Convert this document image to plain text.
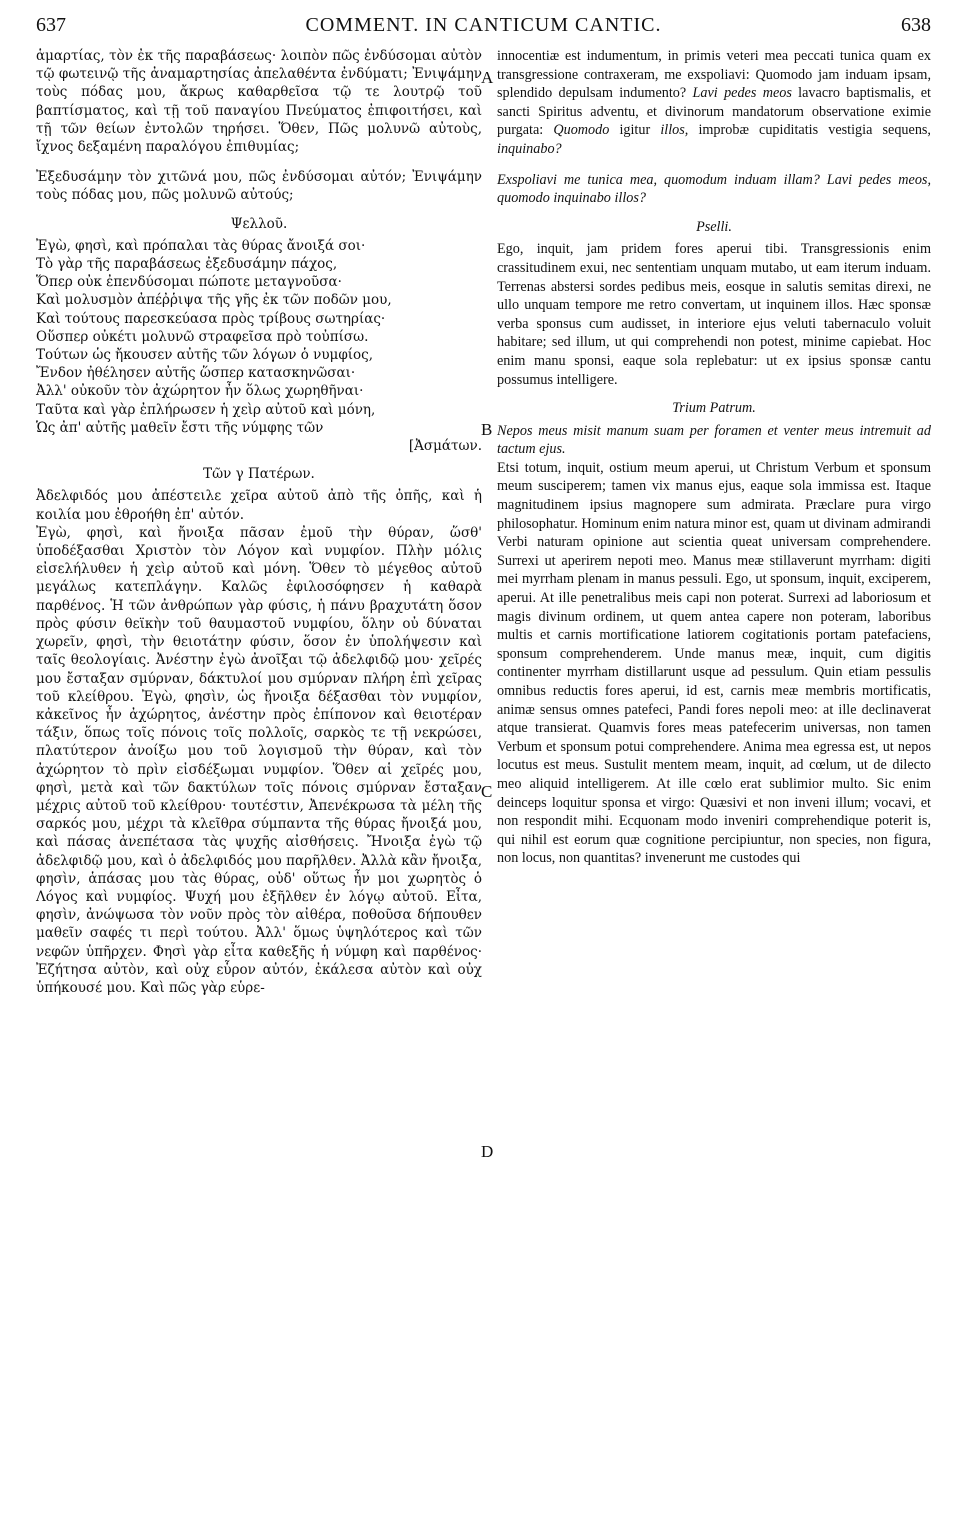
637	COMMENT. IN CANTICUM CANTIC.	638

ἁμαρτίας, τὸν ἐκ τῆς παραβάσεως· λοιπὸν πῶς ἐνδύσομαι αὐτὸν τῷ φωτεινῷ τῆς ἀναμαρτησίας ἀπελαθέντα ἐνδύματι; Ἐνιψάμην τοὺς πόδας μου, ἄκρως καθαρθεῖσα τῷ τε λουτρῷ τοῦ βαπτίσματος, καὶ τῇ τοῦ παναγίου Πνεύματος ἐπιφοιτήσει, καὶ τῇ τῶν θείων ἐντολῶν τηρήσει. Ὅθεν, Πῶς μολυνῶ αὐτοὺς, ἴχνος δεξαμένη παραλόγου ἐπιθυμίας;

Ἐξεδυσάμην τὸν χιτῶνά μου, πῶς ἐνδύσομαι αὐτόν; Ἐνιψάμην τοὺς πόδας μου, πῶς μολυνῶ αὐτούς;

Ψελλοῦ.

Ἐγὼ, φησὶ, καὶ πρόπαλαι τὰς θύρας ἄνοιξά σοι·

Τὸ γὰρ τῆς παραβάσεως ἐξεδυσάμην πάχος,

Ὅπερ οὐκ ἐπενδύσομαι πώποτε μεταγνοῦσα·

Καὶ μολυσμὸν ἀπέῤῥιψα τῆς γῆς ἐκ τῶν ποδῶν μου,

Καὶ τούτους παρεσκεύασα πρὸς τρίβους σωτηρίας·

Οὕσπερ οὐκέτι μολυνῶ στραφεῖσα πρὸ τοὐπίσω.

Τούτων ὡς ἤκουσεν αὐτῆς τῶν λόγων ὁ νυμφίος,

Ἔνδον ἠθέλησεν αὐτῆς ὥσπερ κατασκηνῶσαι·

Ἀλλ' οὐκοῦν τὸν ἀχώρητον ἦν ὅλως χωρηθῆναι·

Ταῦτα καὶ γὰρ ἐπλήρωσεν ἡ χεὶρ αὐτοῦ καὶ μόνη,

Ὡς ἀπ' αὐτῆς μαθεῖν ἔστι τῆς νύμφης τῶν

[Ἀσμάτων.

Τῶν γ Πατέρων.

Ἀδελφιδός μου ἀπέστειλε χεῖρα αὐτοῦ ἀπὸ τῆς ὀπῆς, καὶ ἡ κοιλία μου ἐθροήθη ἐπ' αὐτόν.

Ἐγὼ, φησὶ, καὶ ἤνοιξα πᾶσαν ἐμοῦ τὴν θύραν, ὥσθ' ὑποδέξασθαι Χριστὸν τὸν Λόγον καὶ νυμφίον. Πλὴν μόλις εἰσελήλυθεν ἡ χεὶρ αὐτοῦ καὶ μόνη. Ὅθεν τὸ μέγεθος αὐτοῦ μεγάλως κατεπλάγην. Καλῶς ἐφιλοσόφησεν ἡ καθαρὰ παρθένος. Ἡ τῶν ἀνθρώπων γὰρ φύσις, ἡ πάνυ βραχυτάτη ὅσον πρὸς φύσιν θεϊκὴν τοῦ θαυμαστοῦ νυμφίου, ὅλην οὐ δύναται χωρεῖν, φησὶ, τὴν θειοτάτην φύσιν, ὅσον ἐν ὑπολήψεσιν καὶ ταῖς θεολογίαις. Ἀνέστην ἐγὼ ἀνοῖξαι τῷ ἀδελφιδῷ μου· χεῖρές μου ἔσταξαν σμύρναν, δάκτυλοί μου σμύρναν πλήρη ἐπὶ χεῖρας τοῦ κλείθρου. Ἐγὼ, φησὶν, ὡς ἤνοιξα δέξασθαι τὸν νυμφίον, κἀκεῖνος ἦν ἀχώρητος, ἀνέστην πρὸς ἐπίπονον καὶ θειοτέραν τάξιν, ὅπως τοῖς πόνοις τοῖς πολλοῖς, σαρκὸς τε τῇ νεκρώσει, πλατύτερον ἀνοίξω μου τοῦ λογισμοῦ τὴν θύραν, καὶ τὸν ἀχώρητον τὸ πρὶν εἰσδέξωμαι νυμφίον. Ὅθεν αἱ χεῖρές μου, φησὶ, μετὰ καὶ τῶν δακτύλων τοῖς πόνοις σμύρναν ἔσταξαν μέχρις αὐτοῦ τοῦ κλείθρου· τουτέστιν, Ἀπενέκρωσα τὰ μέλη τῆς σαρκός μου, μέχρι τὰ κλεῖθρα σύμπαντα τῆς θύρας ἤνοιξά μου, καὶ πάσας ἀνεπέτασα τὰς ψυχῆς αἰσθήσεις. Ἤνοιξα ἐγὼ τῷ ἀδελφιδῷ μου, καὶ ὁ ἀδελφιδός μου παρῆλθεν. Ἀλλὰ κἂν ἤνοιξα, φησὶν, ἁπάσας μου τὰς θύρας, οὐδ' οὕτως ἦν μοι χωρητὸς ὁ Λόγος καὶ νυμφίος. Ψυχή μου ἐξῆλθεν ἐν λόγῳ αὐτοῦ. Εἶτα, φησὶν, ἀνώψωσα τὸν νοῦν πρὸς τὸν αἰθέρα, ποθοῦσα δήπουθεν μαθεῖν σαφές τι περὶ τούτου. Ἀλλ' ὅμως ὑψηλότερος καὶ τῶν νεφῶν ὑπῆρχεν. Φησὶ γὰρ εἶτα καθεξῆς ἡ νύμφη καὶ παρθένος· Ἐζήτησα αὐτὸν, καὶ οὐχ εὗρον αὐτόν, ἐκάλεσα αὐτὸν καὶ οὐχ ὑπήκουσέ μου. Καὶ πῶς γὰρ εὑρε-

innocentiæ est indumentum, in primis veteri mea peccati tunica quam ex transgressione contraxeram, me exspoliavi: Quomodo jam induam ipsam, splendido depulsam indumento? Lavi pedes meos lavacro baptismalis, et sancti Spiritus adventu, et divinorum mandatorum observatione eximie purgata: Quomodo igitur illos, improbæ cupiditatis vestigia sequens, inquinabo?

Exspoliavi me tunica mea, quomodum induam illam? Lavi pedes meos, quomodo inquinabo illos?

Pselli.

Ego, inquit, jam pridem fores aperui tibi. Transgressionis enim crassitudinem exui, nec sententiam unquam mutabo, ut eam iterum induam. Terrenas abstersi sordes pedibus meis, eosque in salutis semitas direxi, ne ullo unquam tempore me retro convertam, ut inquinem illos. Hæc sponsæ verba sponsus cum audisset, in interiore ejus veluti tabernaculo voluit habitare; sed illum, ut qui comprehendi non potest, minime capiebat. Hoc enim manu sponsi, eaque sola replebatur: ut ex ipsius sponsæ cantu possumus intelligere.

Trium Patrum.

Nepos meus misit manum suam per foramen et venter meus intremuit ad tactum ejus.

Etsi totum, inquit, ostium meum aperui, ut Christum Verbum et sponsum meum susciperem; tamen vix manus ejus, eaque sola immissa est. Itaque magnitudinem ipsius magnopere sum admirata. Præclare pura virgo philosophatur. Hominum enim natura minor est, quam ut divinam admirandi Verbi naturam opinione aut scientia queat universam comprehendere. Surrexi ut aperirem nepoti meo. Manus meæ stillaverunt myrrham: digiti mei myrrham plenam in manus pessuli. Ego, ut sponsum, inquit, exciperem, aperui. At ille penetralibus meis capi non poterat. Surrexi ad laboriosum et magis divinum ordinem, ut quem antea capere non poteram, laboribus multis et carnis mortificatione latiorem cogitationis portam patefaciens, sponsum comprehenderem. Unde manus meæ, inquit, cum digitis continenter myrrham distillarunt usque ad pessulum. Quin etiam pessulis omnibus reductis fores aperui, id est, carnis meæ membris mortificatis, animæ sensus omnes patefeci, Pandi fores nepoli meo: at ille declinaverat atque transierat. Quamvis fores meas patefecerim universas, non tamen Verbum et sponsum potui comprehendere. Anima mea egressa est, ut nepos locutus est meus. Sustulit mentem meam, inquit, ad cœlum, ut de dilecto meo aliquid intelligerem. At ille cœlo erat sublimior multo. Sic enim deinceps loquitur sponsa et virgo: Quæsivi et non inveni illum; vocavi, et non respondit mihi. Ecquonam modo inveniri comprehendique poterit is, qui nihil est eorum quæ cognitione percipiuntur, non species, non figura, non locus, non quantitas? invenerunt me custodes qui

A
B
C
D
